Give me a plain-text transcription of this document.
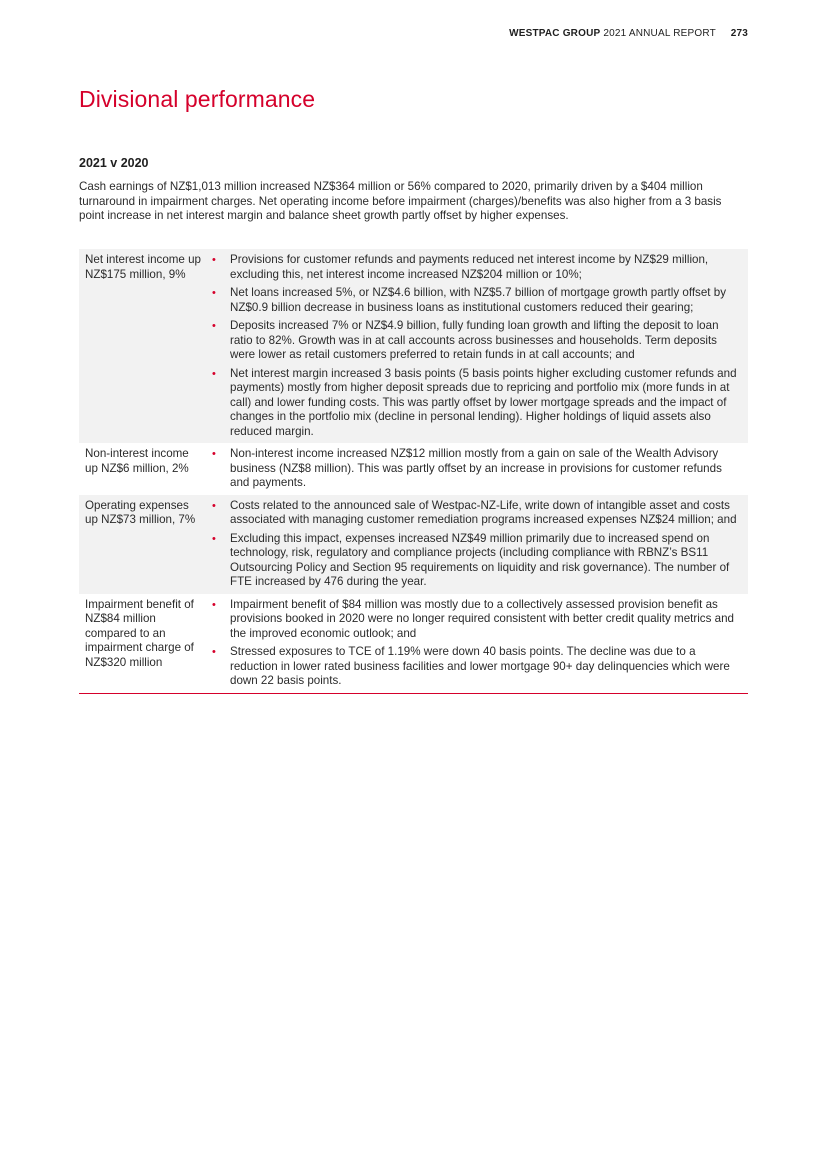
WESTPAC GROUP 2021 ANNUAL REPORT 273
Divisional performance
2021 v 2020

Cash earnings of NZ$1,013 million increased NZ$364 million or 56% compared to 2020, primarily driven by a $404 million turnaround in impairment charges. Net operating income before impairment (charges)/benefits was also higher from a 3 basis point increase in net interest margin and balance sheet growth partly offset by higher expenses.

Net interest income up NZ$175 million, 9%
• Provisions for customer refunds and payments reduced net interest income by NZ$29 million, excluding this, net interest income increased NZ$204 million or 10%;
• Net loans increased 5%, or NZ$4.6 billion, with NZ$5.7 billion of mortgage growth partly offset by NZ$0.9 billion decrease in business loans as institutional customers reduced their gearing;
• Deposits increased 7% or NZ$4.9 billion, fully funding loan growth and lifting the deposit to loan ratio to 82%. Growth was in at call accounts across businesses and households. Term deposits were lower as retail customers preferred to retain funds in at call accounts; and
• Net interest margin increased 3 basis points (5 basis points higher excluding customer refunds and payments) mostly from higher deposit spreads due to repricing and portfolio mix (more funds in at call) and lower funding costs. This was partly offset by lower mortgage spreads and the impact of changes in the portfolio mix (decline in personal lending). Higher holdings of liquid assets also reduced margin.
Non-interest income up NZ$6 million, 2%
• Non-interest income increased NZ$12 million mostly from a gain on sale of the Wealth Advisory business (NZ$8 million). This was partly offset by an increase in provisions for customer refunds and payments.
Operating expenses up NZ$73 million, 7%
• Costs related to the announced sale of Westpac-NZ-Life, write down of intangible asset and costs associated with managing customer remediation programs increased expenses NZ$24 million; and
• Excluding this impact, expenses increased NZ$49 million primarily due to increased spend on technology, risk, regulatory and compliance projects (including compliance with RBNZ’s BS11 Outsourcing Policy and Section 95 requirements on liquidity and risk governance). The number of FTE increased by 476 during the year.
Impairment benefit of NZ$84 million compared to an impairment charge of NZ$320 million
• Impairment benefit of $84 million was mostly due to a collectively assessed provision benefit as provisions booked in 2020 were no longer required consistent with better credit quality metrics and the improved economic outlook; and
• Stressed exposures to TCE of 1.19% were down 40 basis points. The decline was due to a reduction in lower rated business facilities and lower mortgage 90+ day delinquencies which were down 22 basis points.
